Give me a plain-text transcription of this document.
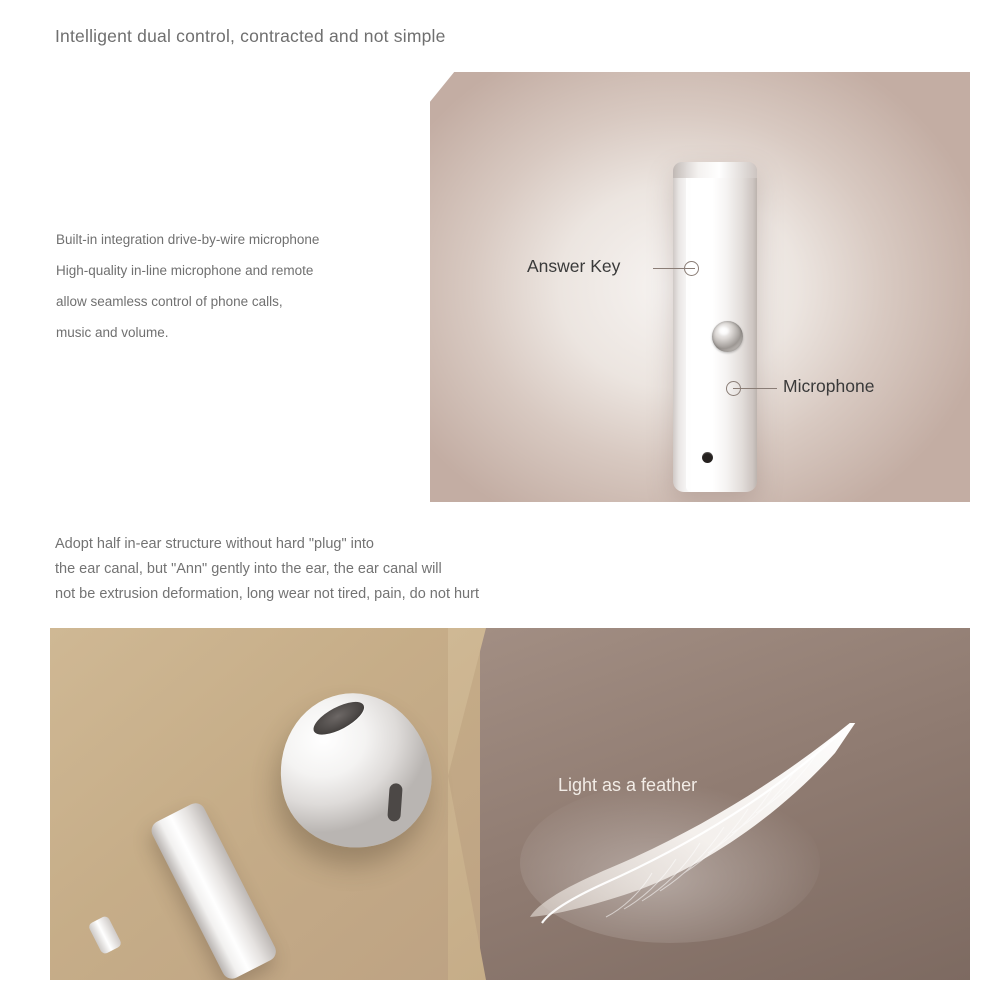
Intelligent dual control, contracted and not simple
Built-in integration drive-by-wire microphone
High-quality in-line microphone and remote
allow seamless control of phone calls,
music and volume.
Answer Key
Microphone
Adopt half in-ear structure without hard "plug" into
the ear canal, but "Ann" gently into the ear, the ear canal will
not be extrusion deformation, long wear not tired, pain, do not hurt
Light as a feather
